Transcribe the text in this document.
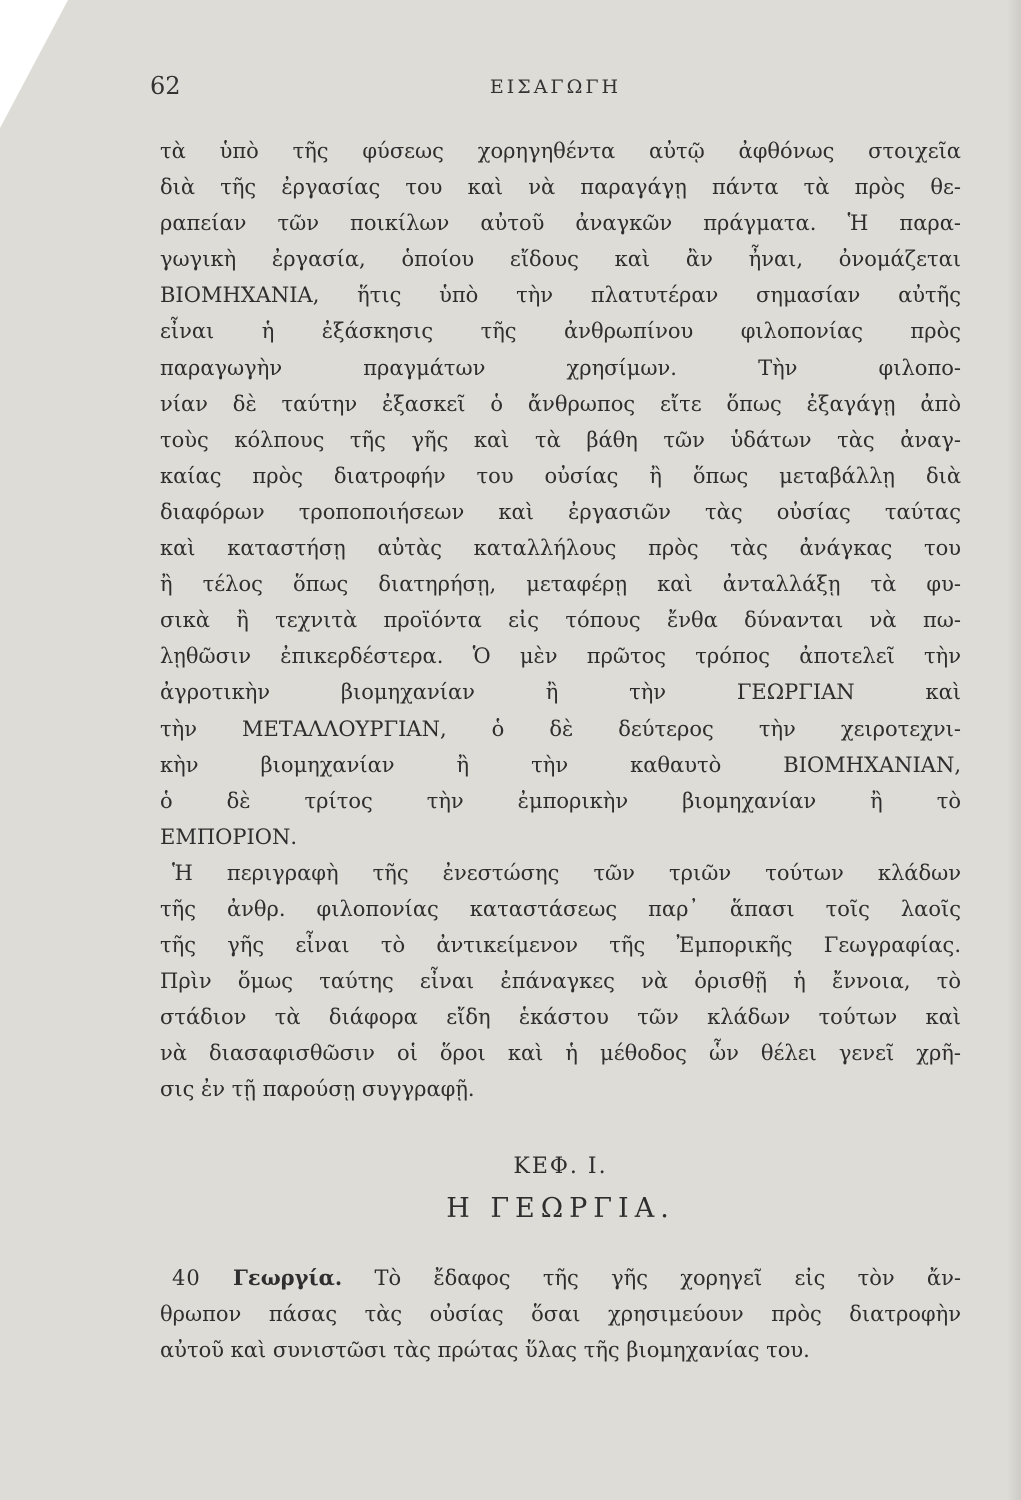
62	ΕΙΣΑΓΩΓΗ
τὰ ὑπὸ τῆς φύσεως χορηγηθέντα αὐτῷ ἀφθόνως στοιχεῖα
διὰ τῆς ἐργασίας του καὶ νὰ παραγάγῃ πάντα τὰ πρὸς θε-
ραπείαν τῶν ποικίλων αὐτοῦ ἀναγκῶν πράγματα. Ἡ παρα-
γωγικὴ ἐργασία, ὁποίου εἴδους καὶ ἂν ἦναι, ὀνομάζεται
ΒΙΟΜΗΧΑΝΙΑ, ἥτις ὑπὸ τὴν πλατυτέραν σημασίαν αὐτῆς
εἶναι ἡ ἐξάσκησις τῆς ἀνθρωπίνου φιλοπονίας πρὸς
παραγωγὴν πραγμάτων χρησίμων. Τὴν φιλοπο-
νίαν δὲ ταύτην ἐξασκεῖ ὁ ἄνθρωπος εἴτε ὅπως ἐξαγάγῃ ἀπὸ
τοὺς κόλπους τῆς γῆς καὶ τὰ βάθη τῶν ὑδάτων τὰς ἀναγ-
καίας πρὸς διατροφήν του οὐσίας ἢ ὅπως μεταβάλλῃ διὰ
διαφόρων τροποποιήσεων καὶ ἐργασιῶν τὰς οὐσίας ταύτας
καὶ καταστήσῃ αὐτὰς καταλλήλους πρὸς τὰς ἀνάγκας του
ἢ τέλος ὅπως διατηρήσῃ, μεταφέρῃ καὶ ἀνταλλάξῃ τὰ φυ-
σικὰ ἢ τεχνιτὰ προϊόντα εἰς τόπους ἔνθα δύνανται νὰ πω-
λῃθῶσιν ἐπικερδέστερα. Ὁ μὲν πρῶτος τρόπος ἀποτελεῖ τὴν
ἀγροτικὴν βιομηχανίαν ἢ τὴν ΓΕΩΡΓΙΑΝ καὶ
τὴν ΜΕΤΑΛΛΟΥΡΓΙΑΝ, ὁ δὲ δεύτερος τὴν χειροτεχνι-
κὴν βιομηχανίαν ἢ τὴν καθαυτὸ ΒΙΟΜΗΧΑΝΙΑΝ,
ὁ δὲ τρίτος τὴν ἐμπορικὴν βιομηχανίαν ἢ τὸ
ΕΜΠΟΡΙΟΝ.
Ἡ περιγραφὴ τῆς ἐνεστώσης τῶν τριῶν τούτων κλάδων
τῆς ἀνθρ. φιλοπονίας καταστάσεως παρ᾽ ἅπασι τοῖς λαοῖς
τῆς γῆς εἶναι τὸ ἀντικείμενον τῆς Ἐμπορικῆς Γεωγραφίας.
Πρὶν ὅμως ταύτης εἶναι ἐπάναγκες νὰ ὁρισθῇ ἡ ἔννοια, τὸ
στάδιον τὰ διάφορα εἴδη ἑκάστου τῶν κλάδων τούτων καὶ
νὰ διασαφισθῶσιν οἱ ὅροι καὶ ἡ μέθοδος ὧν θέλει γενεῖ χρῆ-
σις ἐν τῇ παρούσῃ συγγραφῇ.
ΚΕΦ. Ι.
Η ΓΕΩΡΓΙΑ.
40 Γεωργία. Τὸ ἔδαφος τῆς γῆς χορηγεῖ εἰς τὸν ἄν-
θρωπον πάσας τὰς οὐσίας ὅσαι χρησιμεύουν πρὸς διατροφὴν
αὐτοῦ καὶ συνιστῶσι τὰς πρώτας ὕλας τῆς βιομηχανίας του.
